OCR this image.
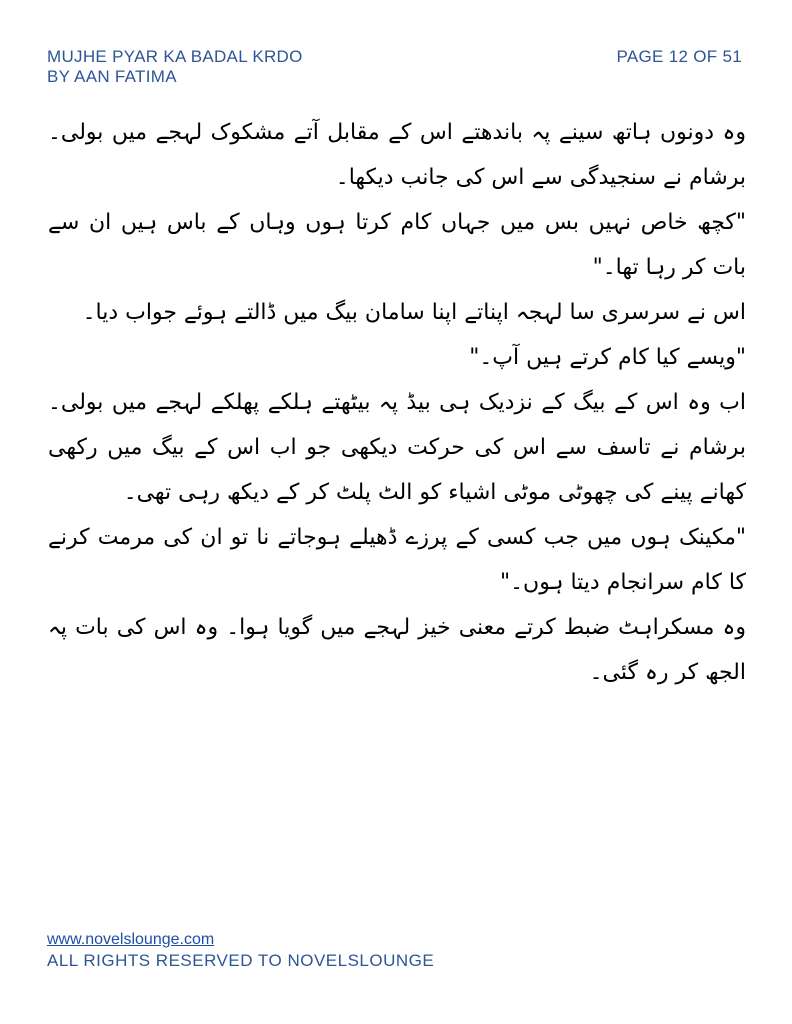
MUJHE PYAR KA BADAL KRDO
BY AAN FATIMA
PAGE 12 OF 51

وہ دونوں ہاتھ سینے پہ باندھتے اس کے مقابل آتے مشکوک لہجے میں بولی۔ برشام نے سنجیدگی سے اس کی جانب دیکھا۔

"کچھ خاص نہیں بس میں جہاں کام کرتا ہوں وہاں کے باس ہیں ان سے بات کر رہا تھا۔"

اس نے سرسری سا لہجہ اپناتے اپنا سامان بیگ میں ڈالتے ہوئے جواب دیا۔

"ویسے کیا کام کرتے ہیں آپ۔"

اب وہ اس کے بیگ کے نزدیک ہی بیڈ پہ بیٹھتے ہلکے پھلکے لہجے میں بولی۔ برشام نے تاسف سے اس کی حرکت دیکھی جو اب اس کے بیگ میں رکھی کھانے پینے کی چھوٹی موٹی اشیاء کو الٹ پلٹ کر کے دیکھ رہی تھی۔

"مکینک ہوں میں جب کسی کے پرزے ڈھیلے ہوجاتے نا تو ان کی مرمت کرنے کا کام سرانجام دیتا ہوں۔"

وہ مسکراہٹ ضبط کرتے معنی خیز لہجے میں گویا ہوا۔ وہ اس کی بات پہ الجھ کر رہ گئی۔

www.novelslounge.com
ALL RIGHTS RESERVED TO NOVELSLOUNGE
